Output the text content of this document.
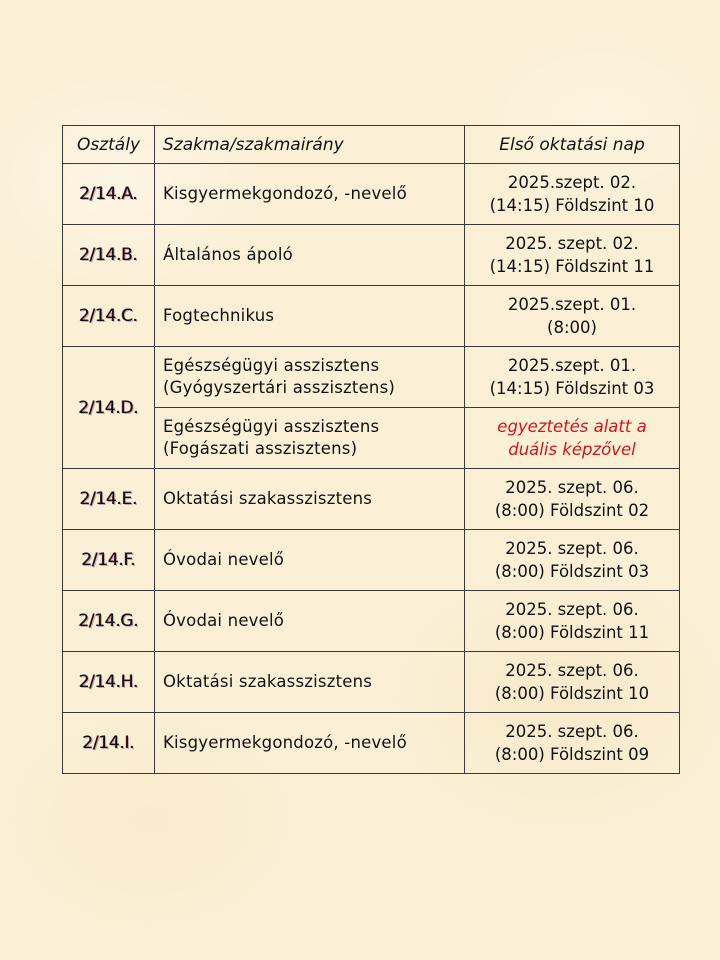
Osztály	Szakma/szakmairány	Első oktatási nap
2/14.A.	Kisgyermekgondozó, -nevelő	2025.szept. 02.
(14:15) Földszint 10

2/14.B.	Általános ápoló	2025. szept. 02.
(14:15) Földszint 11

2/14.C.	Fogtechnikus	2025.szept. 01.
(8:00)

2/14.D.	Egészségügyi asszisztens
(Gyógyszertári asszisztens)	2025.szept. 01.
(14:15) Földszint 03

	Egészségügyi asszisztens
(Fogászati asszisztens)	egyeztetés alatt a
duális képzővel

2/14.E.	Oktatási szakasszisztens	2025. szept. 06.
(8:00) Földszint 02

2/14.F.	Óvodai nevelő	2025. szept. 06.
(8:00) Földszint 03

2/14.G.	Óvodai nevelő	2025. szept. 06.
(8:00) Földszint 11

2/14.H.	Oktatási szakasszisztens	2025. szept. 06.
(8:00) Földszint 10

2/14.I.	Kisgyermekgondozó, -nevelő	2025. szept. 06.
(8:00) Földszint 09
